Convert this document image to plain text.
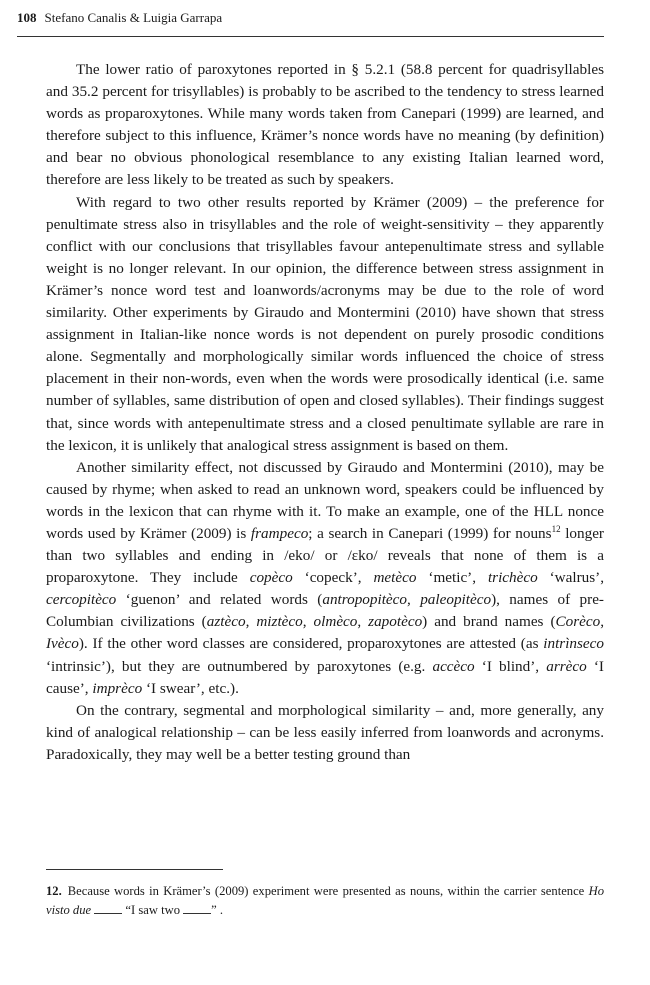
108 Stefano Canalis & Luigia Garrapa

The lower ratio of paroxytones reported in § 5.2.1 (58.8 percent for quadrisyllables and 35.2 percent for trisyllables) is probably to be ascribed to the tendency to stress learned words as proparoxytones. While many words taken from Canepari (1999) are learned, and therefore subject to this influence, Krämer’s nonce words have no meaning (by definition) and bear no obvious phonological resemblance to any existing Italian learned word, therefore are less likely to be treated as such by speakers.

With regard to two other results reported by Krämer (2009) – the preference for penultimate stress also in trisyllables and the role of weight-sensitivity – they apparently conflict with our conclusions that trisyllables favour antepenultimate stress and syllable weight is no longer relevant. In our opinion, the difference between stress assignment in Krämer’s nonce word test and loanwords/acronyms may be due to the role of word similarity. Other experiments by Giraudo and Montermini (2010) have shown that stress assignment in Italian-like nonce words is not dependent on purely prosodic conditions alone. Segmentally and morphologically similar words influenced the choice of stress placement in their non-words, even when the words were prosodically identical (i.e. same number of syllables, same distribution of open and closed syllables). Their findings suggest that, since words with antepenultimate stress and a closed penultimate syllable are rare in the lexicon, it is unlikely that analogical stress assignment is based on them.

Another similarity effect, not discussed by Giraudo and Montermini (2010), may be caused by rhyme; when asked to read an unknown word, speakers could be influenced by words in the lexicon that can rhyme with it. To make an example, one of the HLL nonce words used by Krämer (2009) is frampeco; a search in Canepari (1999) for nouns$^{12}$ longer than two syllables and ending in /eko/ or /ɛko/ reveals that none of them is a proparoxytone. They include copèco ‘copeck’, metèco ‘metic’, trichèco ‘walrus’, cercopitèco ‘guenon’ and related words (antropopitèco, paleopitèco), names of pre-Columbian civilizations (aztèco, miztèco, olmèco, zapotèco) and brand names (Corèco, Ivèco). If the other word classes are considered, proparoxytones are attested (as intrìnseco ‘intrinsic’), but they are outnumbered by paroxytones (e.g. accèco ‘I blind’, arrèco ‘I cause’, imprèco ‘I swear’, etc.).

On the contrary, segmental and morphological similarity – and, more generally, any kind of analogical relationship – can be less easily inferred from loanwords and acronyms. Paradoxically, they may well be a better testing ground than

12. Because words in Krämer’s (2009) experiment were presented as nouns, within the carrier sentence Ho visto due  “I saw two ” .
